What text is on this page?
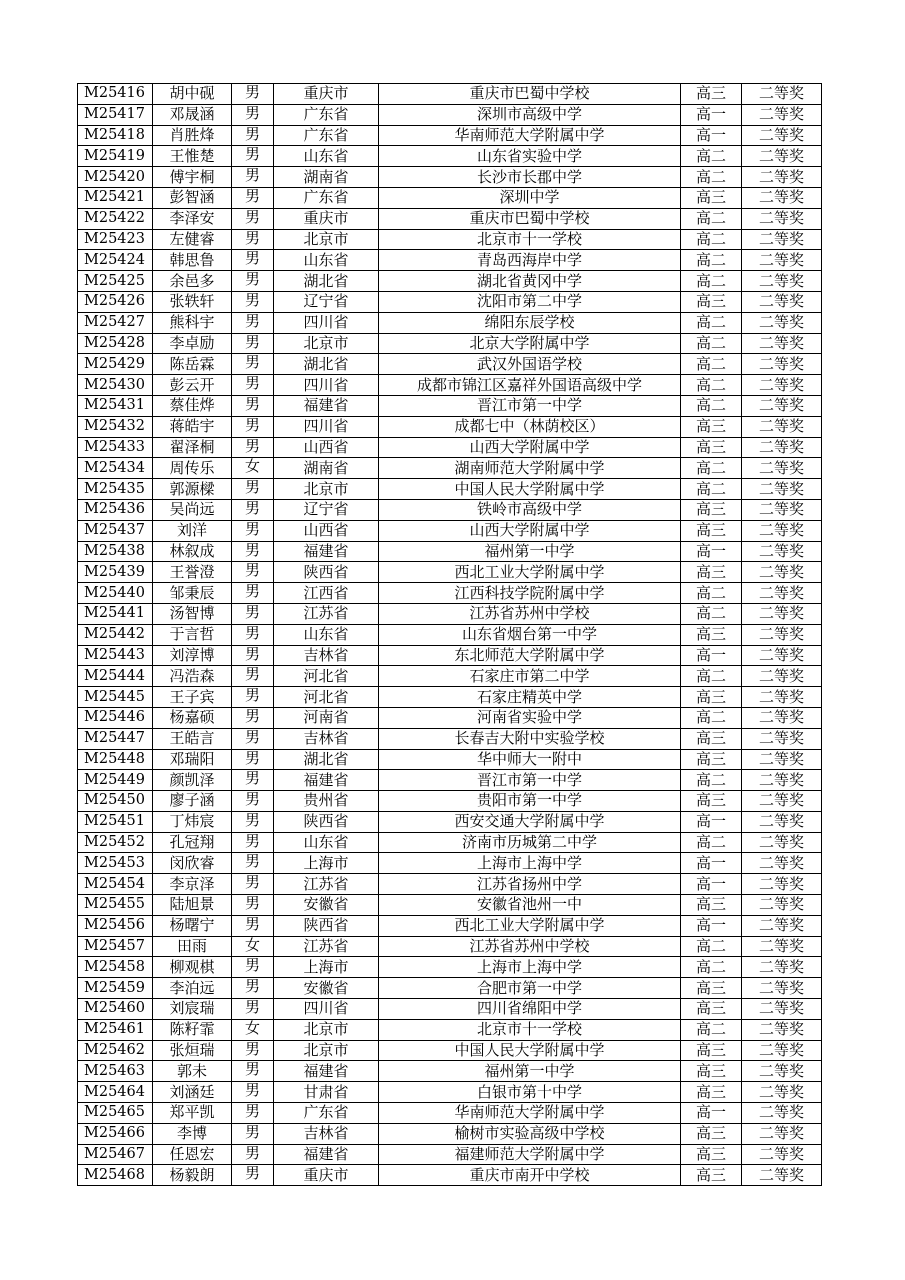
M25416	胡中砚	男	重庆市	重庆市巴蜀中学校	高三	二等奖
M25417	邓晟涵	男	广东省	深圳市高级中学	高一	二等奖
M25418	肖胜烽	男	广东省	华南师范大学附属中学	高一	二等奖
M25419	王惟楚	男	山东省	山东省实验中学	高二	二等奖
M25420	傅宇桐	男	湖南省	长沙市长郡中学	高二	二等奖
M25421	彭智涵	男	广东省	深圳中学	高三	二等奖
M25422	李泽安	男	重庆市	重庆市巴蜀中学校	高二	二等奖
M25423	左健睿	男	北京市	北京市十一学校	高二	二等奖
M25424	韩思鲁	男	山东省	青岛西海岸中学	高二	二等奖
M25425	余邑多	男	湖北省	湖北省黄冈中学	高二	二等奖
M25426	张轶轩	男	辽宁省	沈阳市第二中学	高三	二等奖
M25427	熊科宇	男	四川省	绵阳东辰学校	高二	二等奖
M25428	李卓励	男	北京市	北京大学附属中学	高二	二等奖
M25429	陈岳霖	男	湖北省	武汉外国语学校	高二	二等奖
M25430	彭云开	男	四川省	成都市锦江区嘉祥外国语高级中学	高二	二等奖
M25431	蔡佳烨	男	福建省	晋江市第一中学	高二	二等奖
M25432	蒋皓宇	男	四川省	成都七中（林荫校区）	高三	二等奖
M25433	翟泽桐	男	山西省	山西大学附属中学	高三	二等奖
M25434	周传乐	女	湖南省	湖南师范大学附属中学	高二	二等奖
M25435	郭源樑	男	北京市	中国人民大学附属中学	高二	二等奖
M25436	吴尚远	男	辽宁省	铁岭市高级中学	高三	二等奖
M25437	刘洋	男	山西省	山西大学附属中学	高三	二等奖
M25438	林叙成	男	福建省	福州第一中学	高一	二等奖
M25439	王誉澄	男	陕西省	西北工业大学附属中学	高三	二等奖
M25440	邹秉辰	男	江西省	江西科技学院附属中学	高二	二等奖
M25441	汤智博	男	江苏省	江苏省苏州中学校	高二	二等奖
M25442	于言哲	男	山东省	山东省烟台第一中学	高三	二等奖
M25443	刘淳博	男	吉林省	东北师范大学附属中学	高一	二等奖
M25444	冯浩森	男	河北省	石家庄市第二中学	高二	二等奖
M25445	王子宾	男	河北省	石家庄精英中学	高三	二等奖
M25446	杨嘉硕	男	河南省	河南省实验中学	高二	二等奖
M25447	王皓言	男	吉林省	长春吉大附中实验学校	高三	二等奖
M25448	邓瑞阳	男	湖北省	华中师大一附中	高三	二等奖
M25449	颜凯泽	男	福建省	晋江市第一中学	高二	二等奖
M25450	廖子涵	男	贵州省	贵阳市第一中学	高三	二等奖
M25451	丁炜宸	男	陕西省	西安交通大学附属中学	高一	二等奖
M25452	孔冠翔	男	山东省	济南市历城第二中学	高二	二等奖
M25453	闵欣睿	男	上海市	上海市上海中学	高一	二等奖
M25454	李京泽	男	江苏省	江苏省扬州中学	高一	二等奖
M25455	陆旭景	男	安徽省	安徽省池州一中	高三	二等奖
M25456	杨曙宁	男	陕西省	西北工业大学附属中学	高一	二等奖
M25457	田雨	女	江苏省	江苏省苏州中学校	高二	二等奖
M25458	柳观棋	男	上海市	上海市上海中学	高二	二等奖
M25459	李泊远	男	安徽省	合肥市第一中学	高三	二等奖
M25460	刘宸瑞	男	四川省	四川省绵阳中学	高三	二等奖
M25461	陈籽霏	女	北京市	北京市十一学校	高二	二等奖
M25462	张烜瑞	男	北京市	中国人民大学附属中学	高三	二等奖
M25463	郭未	男	福建省	福州第一中学	高三	二等奖
M25464	刘涵廷	男	甘肃省	白银市第十中学	高三	二等奖
M25465	郑平凯	男	广东省	华南师范大学附属中学	高一	二等奖
M25466	李博	男	吉林省	榆树市实验高级中学校	高三	二等奖
M25467	任恩宏	男	福建省	福建师范大学附属中学	高三	二等奖
M25468	杨毅朗	男	重庆市	重庆市南开中学校	高三	二等奖
